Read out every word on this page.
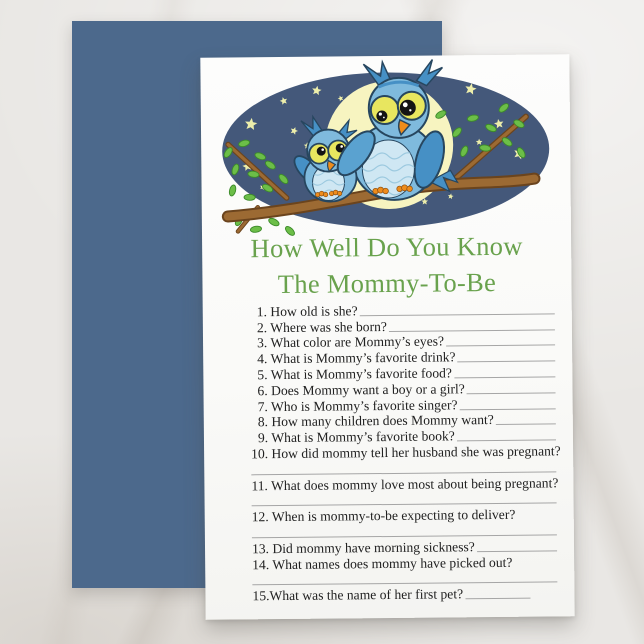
How Well Do You Know
The Mommy-To-Be
1. How old is she?
2. Where was she born?
3. What color are Mommy’s eyes?
4. What is Mommy’s favorite drink?
5. What is Mommy’s favorite food?
6. Does Mommy want a boy or a girl?
7. Who is Mommy’s favorite singer?
8. How many children does Mommy want?
9. What is Mommy’s favorite book?
10. How did mommy tell her husband she was pregnant?
11. What does mommy love most about being pregnant?
12. When is mommy-to-be expecting to deliver?
13. Did mommy have morning sickness?
14. What names does mommy have picked out?
15.What was the name of her first pet?
